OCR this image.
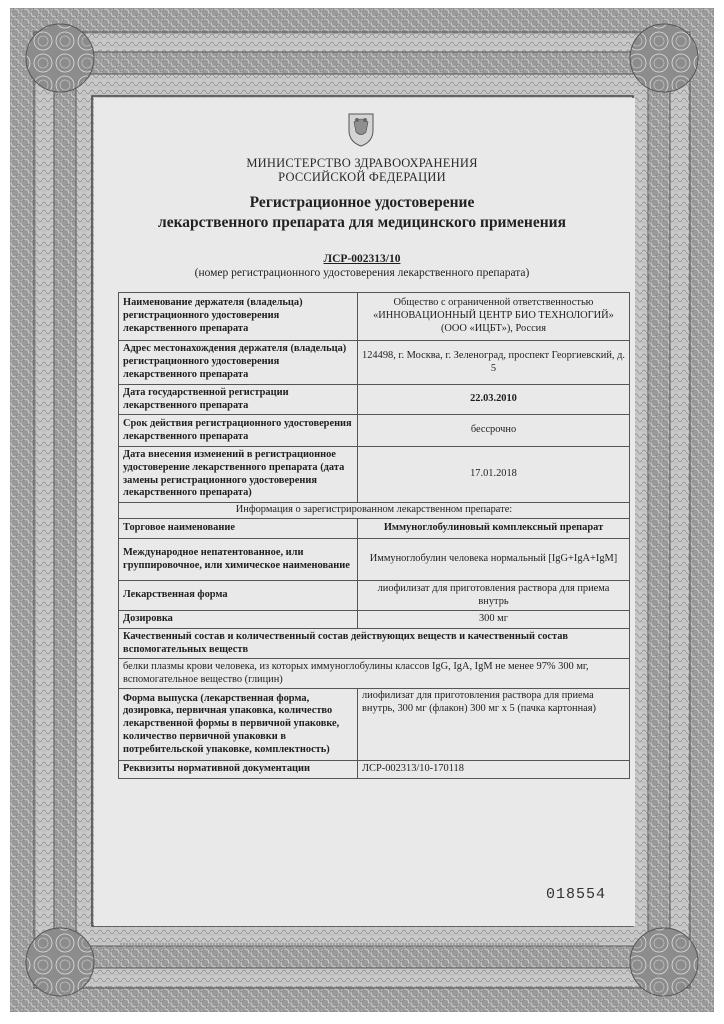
МИНИСТЕРСТВО ЗДРАВООХРАНЕНИЯ
РОССИЙСКОЙ ФЕДЕРАЦИИ
Регистрационное удостоверение
лекарственного препарата для медицинского применения
ЛСР-002313/10
(номер регистрационного удостоверения лекарственного препарата)
Наименование держателя (владельца) регистрационного удостоверения лекарственного препарата	Общество с ограниченной ответственностью «ИННОВАЦИОННЫЙ ЦЕНТР БИО ТЕХНОЛОГИЙ» (ООО «ИЦБТ»), Россия
Адрес местонахождения держателя (владельца) регистрационного удостоверения лекарственного препарата	124498, г. Москва, г. Зеленоград, проспект Георгиевский, д. 5
Дата государственной регистрации лекарственного препарата	22.03.2010
Срок действия регистрационного удостоверения лекарственного препарата	бессрочно
Дата внесения изменений в регистрационное удостоверение лекарственного препарата (дата замены регистрационного удостоверения лекарственного препарата)	17.01.2018
Информация о зарегистрированном лекарственном препарате:	
Торговое наименование	Иммуноглобулиновый комплексный препарат
Международное непатентованное, или группировочное, или химическое наименование	Иммуноглобулин человека нормальный [IgG+IgA+IgM]
Лекарственная форма	лиофилизат для приготовления раствора для приема внутрь
Дозировка	300 мг
Качественный состав и количественный состав действующих веществ и качественный состав вспомогательных веществ	
белки плазмы крови человека, из которых иммуноглобулины классов IgG, IgA, IgM не менее 97% 300 мг, вспомогательное вещество (глицин)	
Форма выпуска (лекарственная форма, дозировка, первичная упаковка, количество лекарственной формы в первичной упаковке, количество первичной упаковки в потребительской упаковке, комплектность)	лиофилизат для приготовления раствора для приема внутрь, 300 мг (флакон) 300 мг x 5 (пачка картонная)
Реквизиты нормативной документации	ЛСР-002313/10-170118
018554
